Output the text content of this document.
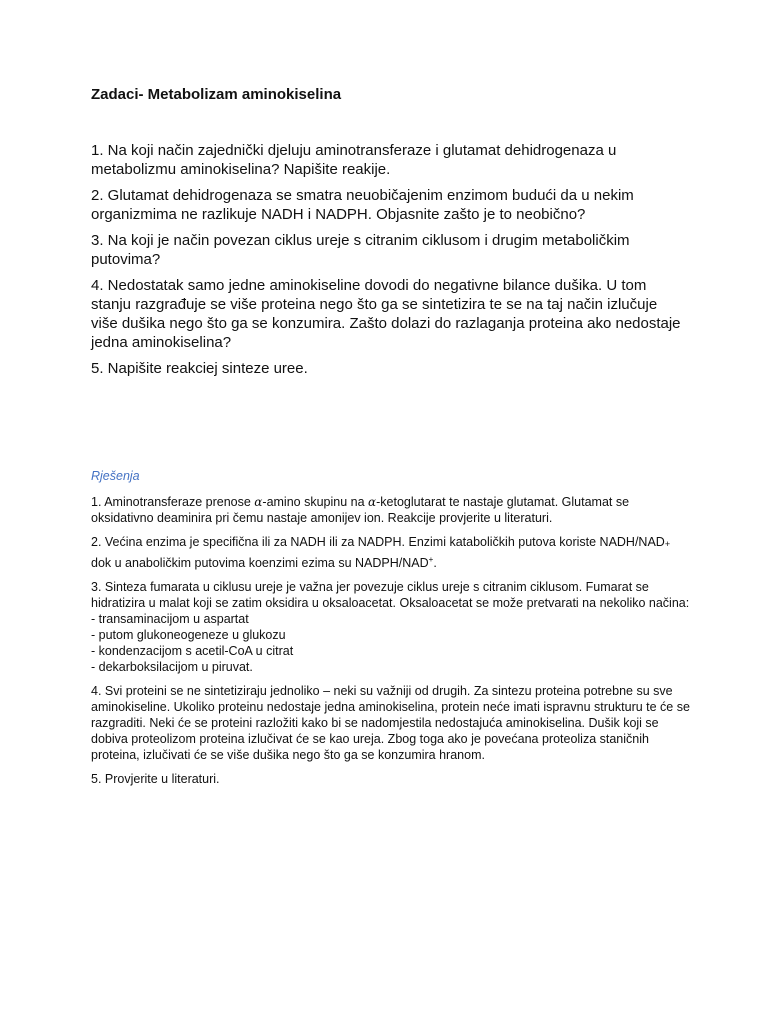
Zadaci- Metabolizam aminokiselina

1. Na koji način zajednički djeluju aminotransferaze i glutamat dehidrogenaza u metabolizmu aminokiselina? Napišite reakije.

2. Glutamat dehidrogenaza se smatra neuobičajenim enzimom budući da u nekim organizmima ne razlikuje NADH i NADPH. Objasnite zašto je to neobično?

3. Na koji je način povezan ciklus ureje s citranim ciklusom i drugim metaboličkim putovima?

4. Nedostatak samo jedne aminokiseline dovodi do negativne bilance dušika. U tom stanju razgrađuje se više proteina nego što ga se sintetizira te se na taj način izlučuje više dušika nego što ga se konzumira. Zašto dolazi do razlaganja proteina ako nedostaje jedna aminokiselina?

5. Napišite reakciej sinteze uree.

Rješenja

1. Aminotransferaze prenose α-amino skupinu na α-ketoglutarat te nastaje glutamat. Glutamat se oksidativno deaminira pri čemu nastaje amonijev ion. Reakcije provjerite u literaturi.

2. Većina enzima je specifična ili za NADH ili za NADPH. Enzimi kataboličkih putova koriste NADH/NAD+ dok u anaboličkim putovima koenzimi ezima su NADPH/NAD+.

3. Sinteza fumarata u ciklusu ureje je važna jer povezuje ciklus ureje s citranim ciklusom. Fumarat se hidratizira u malat koji se zatim oksidira u oksaloacetat. Oksaloacetat se može pretvarati na nekoliko načina:
- transaminacijom u aspartat
- putom glukoneogeneze u glukozu
- kondenzacijom s acetil-CoA u citrat
- dekarboksilacijom u piruvat.

4. Svi proteini se ne sintetiziraju jednoliko – neki su važniji od drugih. Za sintezu proteina potrebne su sve aminokiseline. Ukoliko proteinu nedostaje jedna aminokiselina, protein neće imati ispravnu strukturu te će se razgraditi. Neki će se proteini razložiti kako bi se nadomjestila nedostajuća aminokiselina. Dušik koji se dobiva proteolizom proteina izlučivat će se kao ureja. Zbog toga ako je povećana proteoliza staničnih proteina, izlučivati će se više dušika nego što ga se konzumira hranom.

5. Provjerite u literaturi.
